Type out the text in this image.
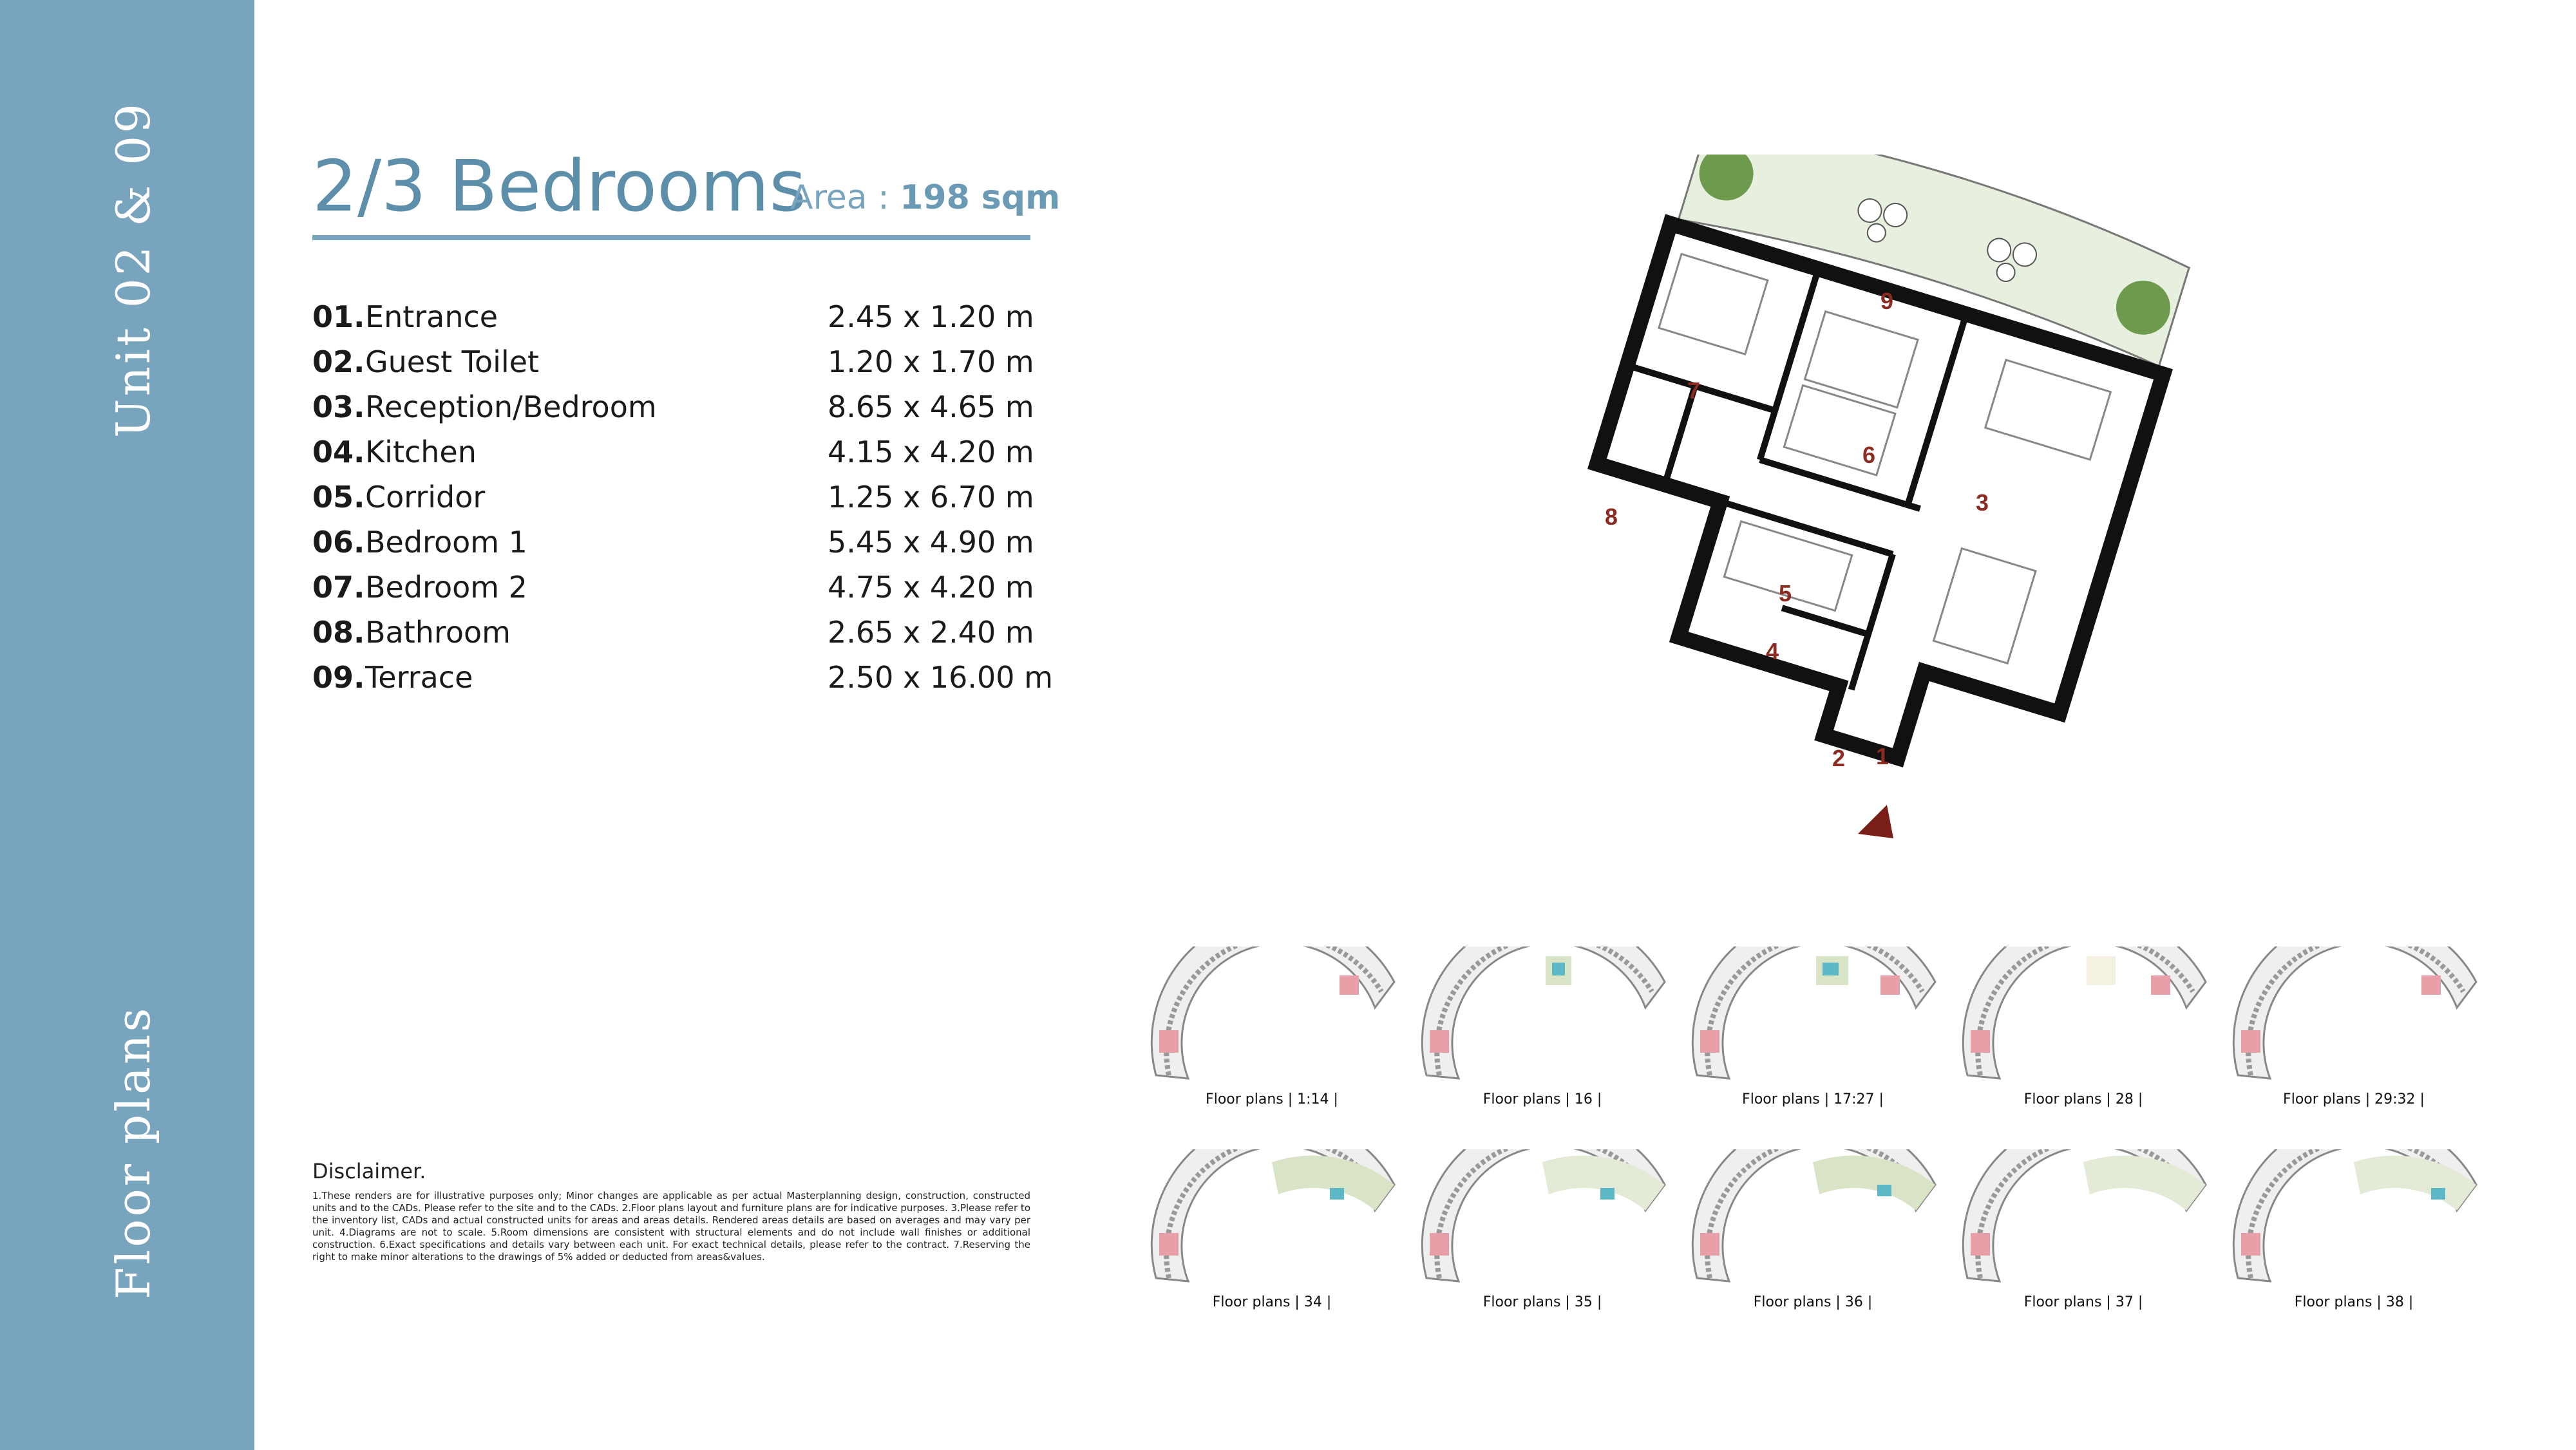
Unit 02 & 09
Floor plans
2/3 Bedrooms
Area : 198 sqm
01. Entrance	2.45 x 1.20 m
02. Guest Toilet	1.20 x 1.70 m
03. Reception/Bedroom	8.65 x 4.65 m
04. Kitchen	4.15 x 4.20 m
05. Corridor	1.25 x 6.70 m
06. Bedroom 1	5.45 x 4.90 m
07. Bedroom 2	4.75 x 4.20 m
08. Bathroom	2.65 x 2.40 m
09. Terrace	2.50 x 16.00 m
Disclaimer.
1.These renders are for illustrative purposes only; Minor changes are applicable as per actual Masterplanning design, construction, constructed units and to the CADs. Please refer to the site and to the CADs. 2.Floor plans layout and furniture plans are for indicative purposes. 3.Please refer to the inventory list, CADs and actual constructed units for areas and areas details. Rendered areas details are based on averages and may vary per unit. 4.Diagrams are not to scale. 5.Room dimensions are consistent with structural elements and do not include wall finishes or additional construction. 6.Exact specifications and details vary between each unit. For exact technical details, please refer to the contract. 7.Reserving the right to make minor alterations to the drawings of 5% added or deducted from areas&values.
1
2
3
4
5
6
7
8
9
Floor plans | 1:14 |	Floor plans | 16 |	Floor plans | 17:27 |	Floor plans | 28 |	Floor plans | 29:32 |
Floor plans | 34 |	Floor plans | 35 |	Floor plans | 36 |	Floor plans | 37 |	Floor plans | 38 |
